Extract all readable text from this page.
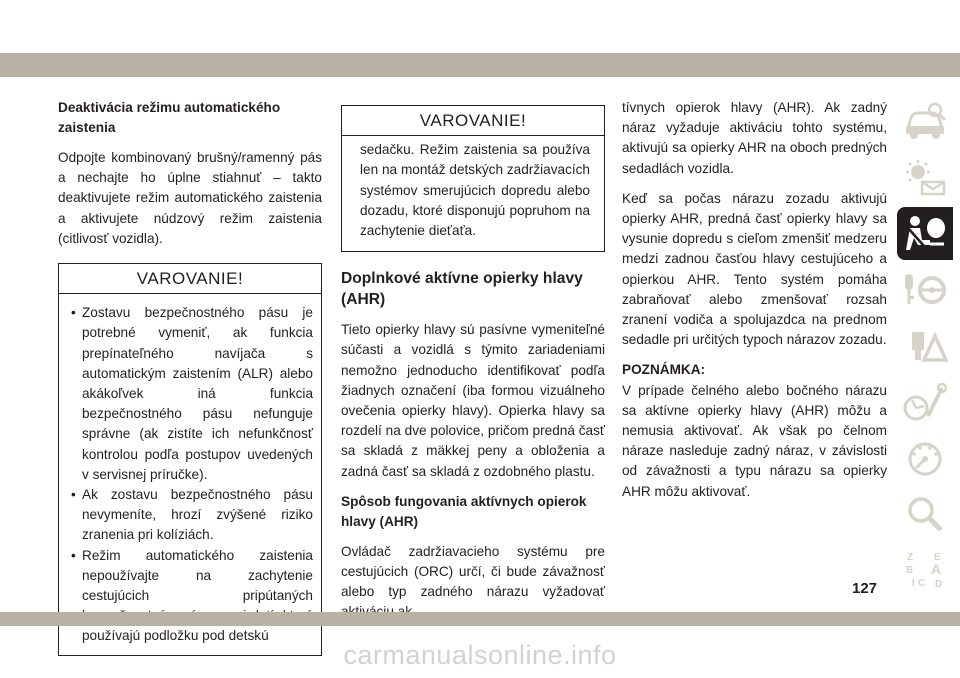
Deaktivácia režimu automatického zaistenia

Odpojte kombinovaný brušný/ramenný pás a nechajte ho úplne stiahnuť – takto deaktivujete režim automatického zaistenia a aktivujete núdzový režim zaistenia (citlivosť vozidla).

VAROVANIE!
• Zostavu bezpečnostného pásu je potrebné vymeniť, ak funkcia prepínateľného navíjača s automatickým zaistením (ALR) alebo akákoľvek iná funkcia bezpečnostného pásu nefunguje správne (ak zistíte ich nefunkčnosť kontrolou podľa postupov uvedených v servisnej príručke).
• Ak zostavu bezpečnostného pásu nevymeníte, hrozí zvýšené riziko zranenia pri kolíziách.
• Režim automatického zaistenia nepoužívajte na zachytenie cestujúcich pripútaných používajú podložku pod detskú
VAROVANIE!
sedačku. Režim zaistenia sa používa len na montáž detských zadržiavacích systémov smerujúcich dopredu alebo dozadu, ktoré disponujú popruhom na zachytenie dieťaťa.
Doplnkové aktívne opierky hlavy (AHR)

Tieto opierky hlavy sú pasívne vymeniteľné súčasti a vozidlá s týmito zariadeniami nemožno jednoducho identifikovať podľa žiadnych označení (iba formou vizuálneho ovečenia opierky hlavy). Opierka hlavy sa rozdelí na dve polovice, pričom predná časť sa skladá z mäkkej peny a obloženia a zadná časť sa skladá z ozdobného plastu.

Spôsob fungovania aktívnych opierok hlavy (AHR)

Ovládač zadržiavacieho systému pre cestujúcich (ORC) určí, či bude závažnosť alebo typ zadného nárazu vyžadovať

tívnych opierok hlavy (AHR). Ak zadný náraz vyžaduje aktiváciu tohto systému, aktivujú sa opierky AHR na oboch predných sedadlách vozidla.

Keď sa počas nárazu zozadu aktivujú opierky AHR, predná časť opierky hlavy sa vysunie dopredu s cieľom zmenšiť medzeru medzi zadnou časťou hlavy cestujúceho a opierkou AHR. Tento systém pomáha zabraňovať alebo zmenšovať rozsah zranení vodiča a spolujazdca na prednom sedadle pri určitých typoch nárazov zozadu.

POZNÁMKA:

V prípade čelného alebo bočného nárazu sa aktívne opierky hlavy (AHR) môžu a nemusia aktivovať. Ak však po čelnom náraze nasleduje zadný náraz, v závislosti od závažnosti a typu nárazu sa opierky AHR môžu aktivovať.

Z E
B A
I C D
127
carmanualsonline.info
